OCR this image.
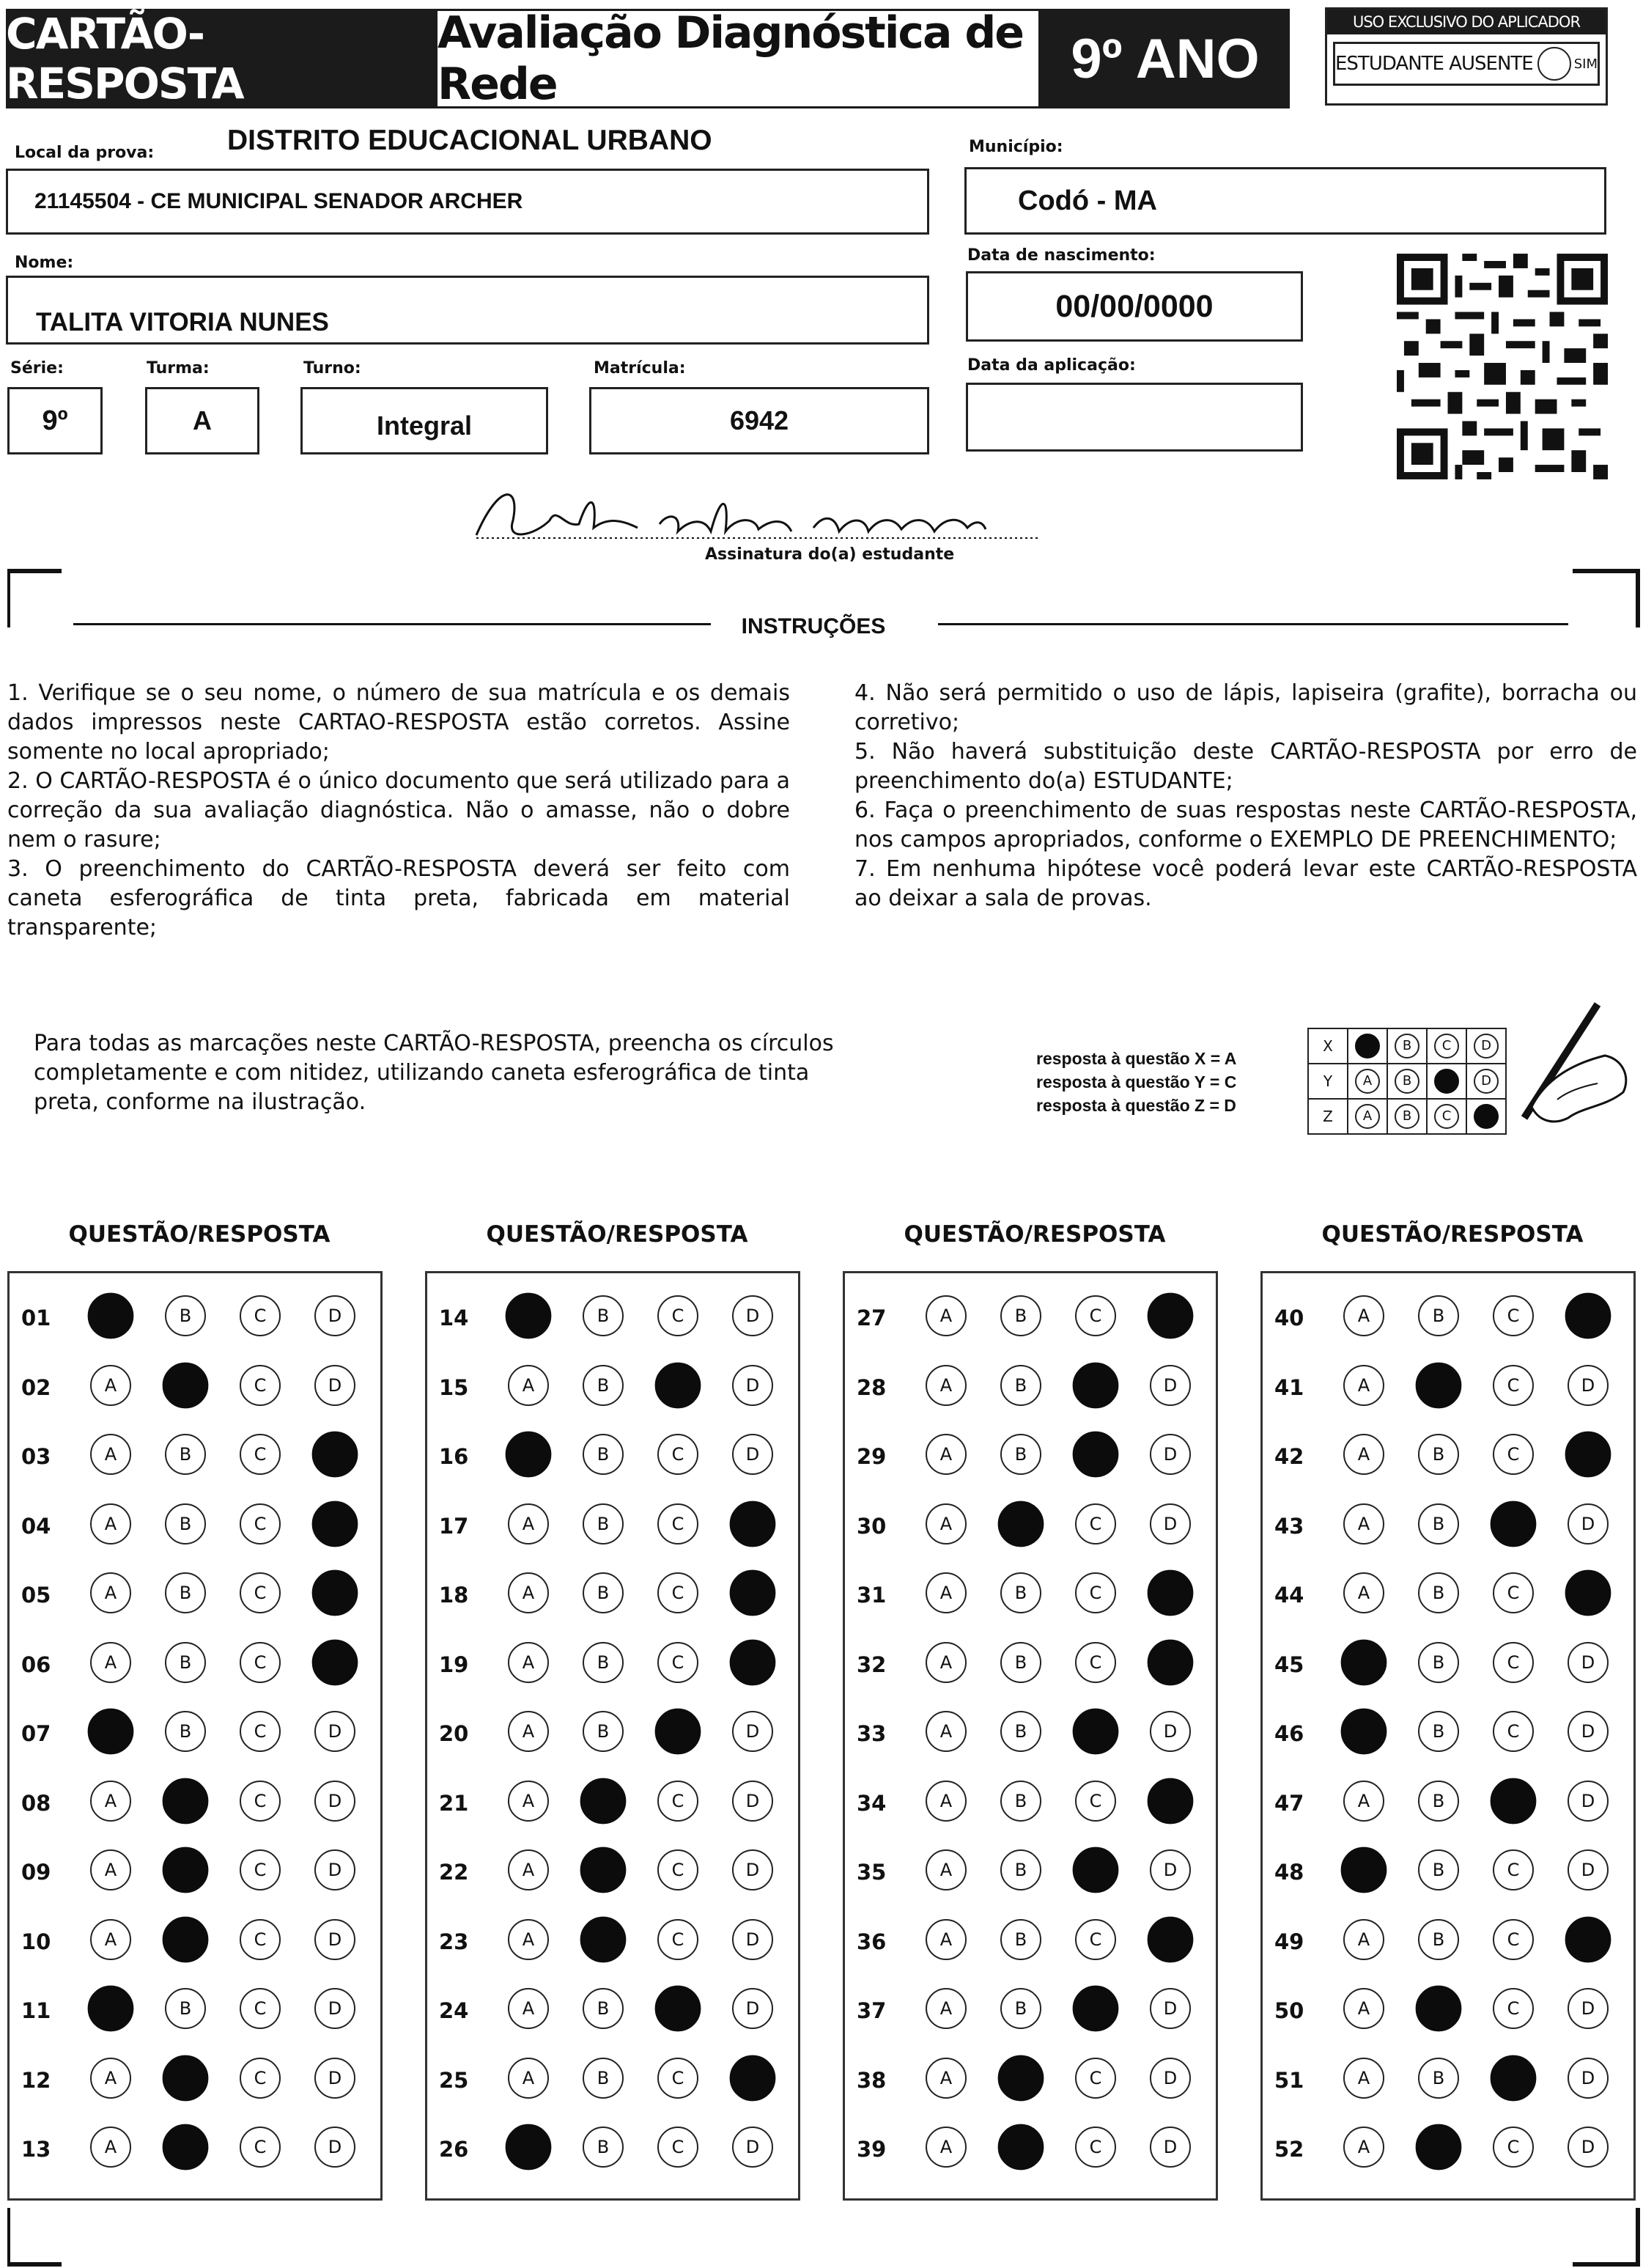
CARTÃO-RESPOSTA
Avaliação Diagnóstica de Rede	9º ANO
USO EXCLUSIVO DO APLICADOR
ESTUDANTE AUSENTE	SIM
Local da prova:	DISTRITO EDUCACIONAL URBANO
21145504 - CE MUNICIPAL SENADOR ARCHER
Município:
Codó - MA
Nome:
TALITA VITORIA NUNES
Data de nascimento:
00/00/0000
Data da aplicação:
Série:
9º
Turma:
A
Turno:
Integral
Matrícula:
6942
Assinatura do(a) estudante
INSTRUÇÕES

1. Verifique se o seu nome, o número de sua matrícula e os demais dados impressos neste CARTAO-RESPOSTA estão corretos. Assine somente no local apropriado;

2. O CARTÃO-RESPOSTA é o único documento que será utilizado para a correção da sua avaliação diagnóstica. Não o amasse, não o dobre nem o rasure;

3. O preenchimento do CARTÃO-RESPOSTA deverá ser feito com caneta esferográfica de tinta preta, fabricada em material transparente;

4. Não será permitido o uso de lápis, lapiseira (grafite), borracha ou corretivo;

5. Não haverá substituição deste CARTÃO-RESPOSTA por erro de preenchimento do(a) ESTUDANTE;

6. Faça o preenchimento de suas respostas neste CARTÃO-RESPOSTA, nos campos apropriados, conforme o EXEMPLO DE PREENCHIMENTO;

7. Em nenhuma hipótese você poderá levar este CARTÃO-RESPOSTA ao deixar a sala de provas.

Para todas as marcações neste CARTÃO-RESPOSTA, preencha os círculos completamente e com nitidez, utilizando caneta esferográfica de tinta preta, conforme na ilustração.
resposta à questão X = A
resposta à questão Y = C
resposta à questão Z = D
X		B	C	D
Y	A	B		D
Z	A	B	C	
QUESTÃO/RESPOSTA
01	B	C	D
02	A	C	D
03	A	B	C
04	A	B	C
05	A	B	C
06	A	B	C
07	B	C	D
08	A	C	D
09	A	C	D
10	A	C	D
11	B	C	D
12	A	C	D
13	A	C	D
QUESTÃO/RESPOSTA
14	B	C	D
15	A	B	D
16	B	C	D
17	A	B	C
18	A	B	C
19	A	B	C
20	A	B	D
21	A	C	D
22	A	C	D
23	A	C	D
24	A	B	D
25	A	B	C
26	B	C	D
QUESTÃO/RESPOSTA
27	A	B	C
28	A	B	D
29	A	B	D
30	A	C	D
31	A	B	C
32	A	B	C
33	A	B	D
34	A	B	C
35	A	B	D
36	A	B	C
37	A	B	D
38	A	C	D
39	A	C	D
QUESTÃO/RESPOSTA
40	A	B	C
41	A	C	D
42	A	B	C
43	A	B	D
44	A	B	C
45	B	C	D
46	B	C	D
47	A	B	D
48	B	C	D
49	A	B	C
50	A	C	D
51	A	B	D
52	A	C	D
